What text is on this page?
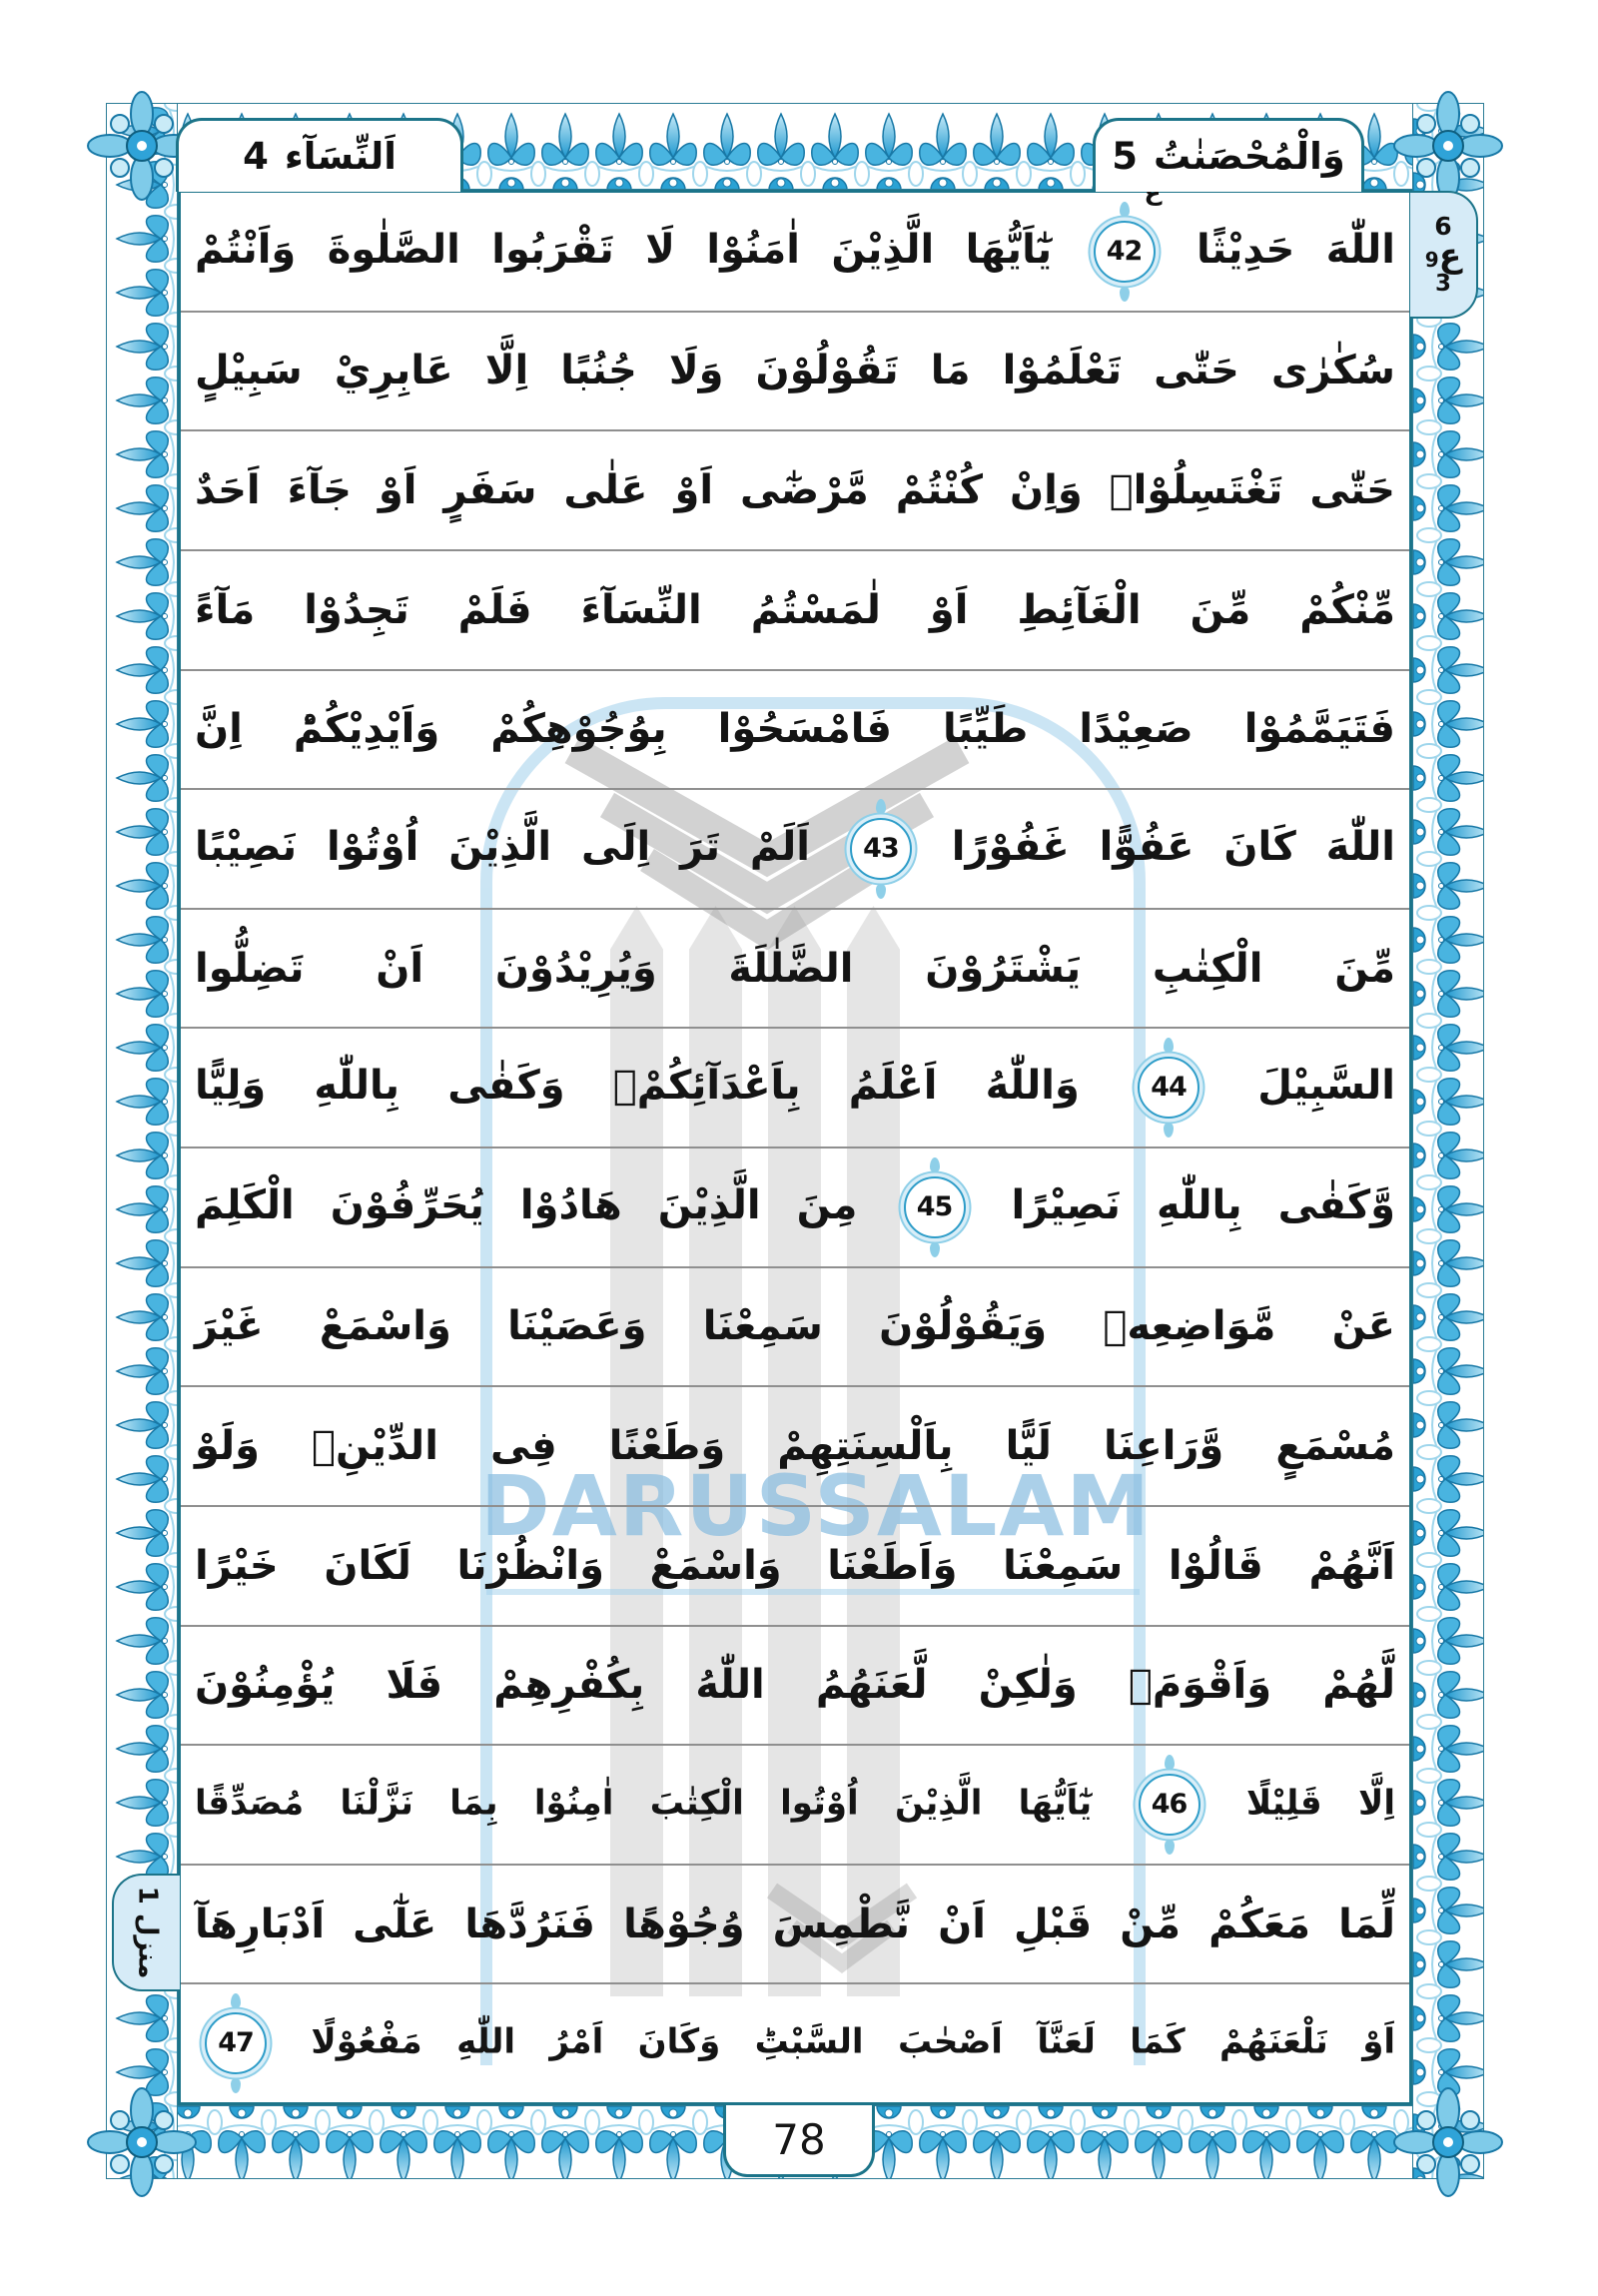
اَلنِّسَآء
4	وَالْمُحْصَنٰتُ
5
6
9 ع
3
منزل 1
DARUSSALAM
اللّٰهَ حَدِيْثًا
42
يٰٓاَيُّهَا الَّذِيْنَ اٰمَنُوْا لَا تَقْرَبُوا الصَّلٰوةَ وَاَنْتُمْ
سُكٰرٰى حَتّٰى تَعْلَمُوْا مَا تَقُوْلُوْنَ وَلَا جُنُبًا اِلَّا عَابِرِيْ سَبِيْلٍ
حَتّٰى تَغْتَسِلُوْاۚ وَاِنْ كُنْتُمْ مَّرْضٰٓى اَوْ عَلٰى سَفَرٍ اَوْ جَآءَ اَحَدٌ
مِّنْكُمْ مِّنَ الْغَآئِطِ اَوْ لٰمَسْتُمُ النِّسَآءَ فَلَمْ تَجِدُوْا مَآءً
فَتَيَمَّمُوْا صَعِيْدًا طَيِّبًا فَامْسَحُوْا بِوُجُوْهِكُمْ وَاَيْدِيْكُمْؕ اِنَّ
اللّٰهَ كَانَ عَفُوًّا غَفُوْرًا
43
اَلَمْ تَرَ اِلَى الَّذِيْنَ اُوْتُوْا نَصِيْبًا
مِّنَ الْكِتٰبِ يَشْتَرُوْنَ الضَّلٰلَةَ وَيُرِيْدُوْنَ اَنْ تَضِلُّوا
السَّبِيْلَ
44
وَاللّٰهُ اَعْلَمُ بِاَعْدَآئِكُمْۚ وَكَفٰى بِاللّٰهِ وَلِيًّا
وَّكَفٰى بِاللّٰهِ نَصِيْرًا
45
مِنَ الَّذِيْنَ هَادُوْا يُحَرِّفُوْنَ الْكَلِمَ
عَنْ مَّوَاضِعِهٖ وَيَقُوْلُوْنَ سَمِعْنَا وَعَصَيْنَا وَاسْمَعْ غَيْرَ
مُسْمَعٍ وَّرَاعِنَا لَيًّا بِاَلْسِنَتِهِمْ وَطَعْنًا فِى الدِّيْنِۚ وَلَوْ
اَنَّهُمْ قَالُوْا سَمِعْنَا وَاَطَعْنَا وَاسْمَعْ وَانْظُرْنَا لَكَانَ خَيْرًا
لَّهُمْ وَاَقْوَمَۙ وَلٰكِنْ لَّعَنَهُمُ اللّٰهُ بِكُفْرِهِمْ فَلَا يُؤْمِنُوْنَ
اِلَّا قَلِيْلًا
46
يٰٓاَيُّهَا الَّذِيْنَ اُوْتُوا الْكِتٰبَ اٰمِنُوْا بِمَا نَزَّلْنَا مُصَدِّقًا
لِّمَا مَعَكُمْ مِّنْ قَبْلِ اَنْ نَّطْمِسَ وُجُوْهًا فَنَرُدَّهَا عَلٰٓى اَدْبَارِهَآ
اَوْ نَلْعَنَهُمْ كَمَا لَعَنَّآ اَصْحٰبَ السَّبْتِؕ وَكَانَ اَمْرُ اللّٰهِ مَفْعُوْلًا
47
78
